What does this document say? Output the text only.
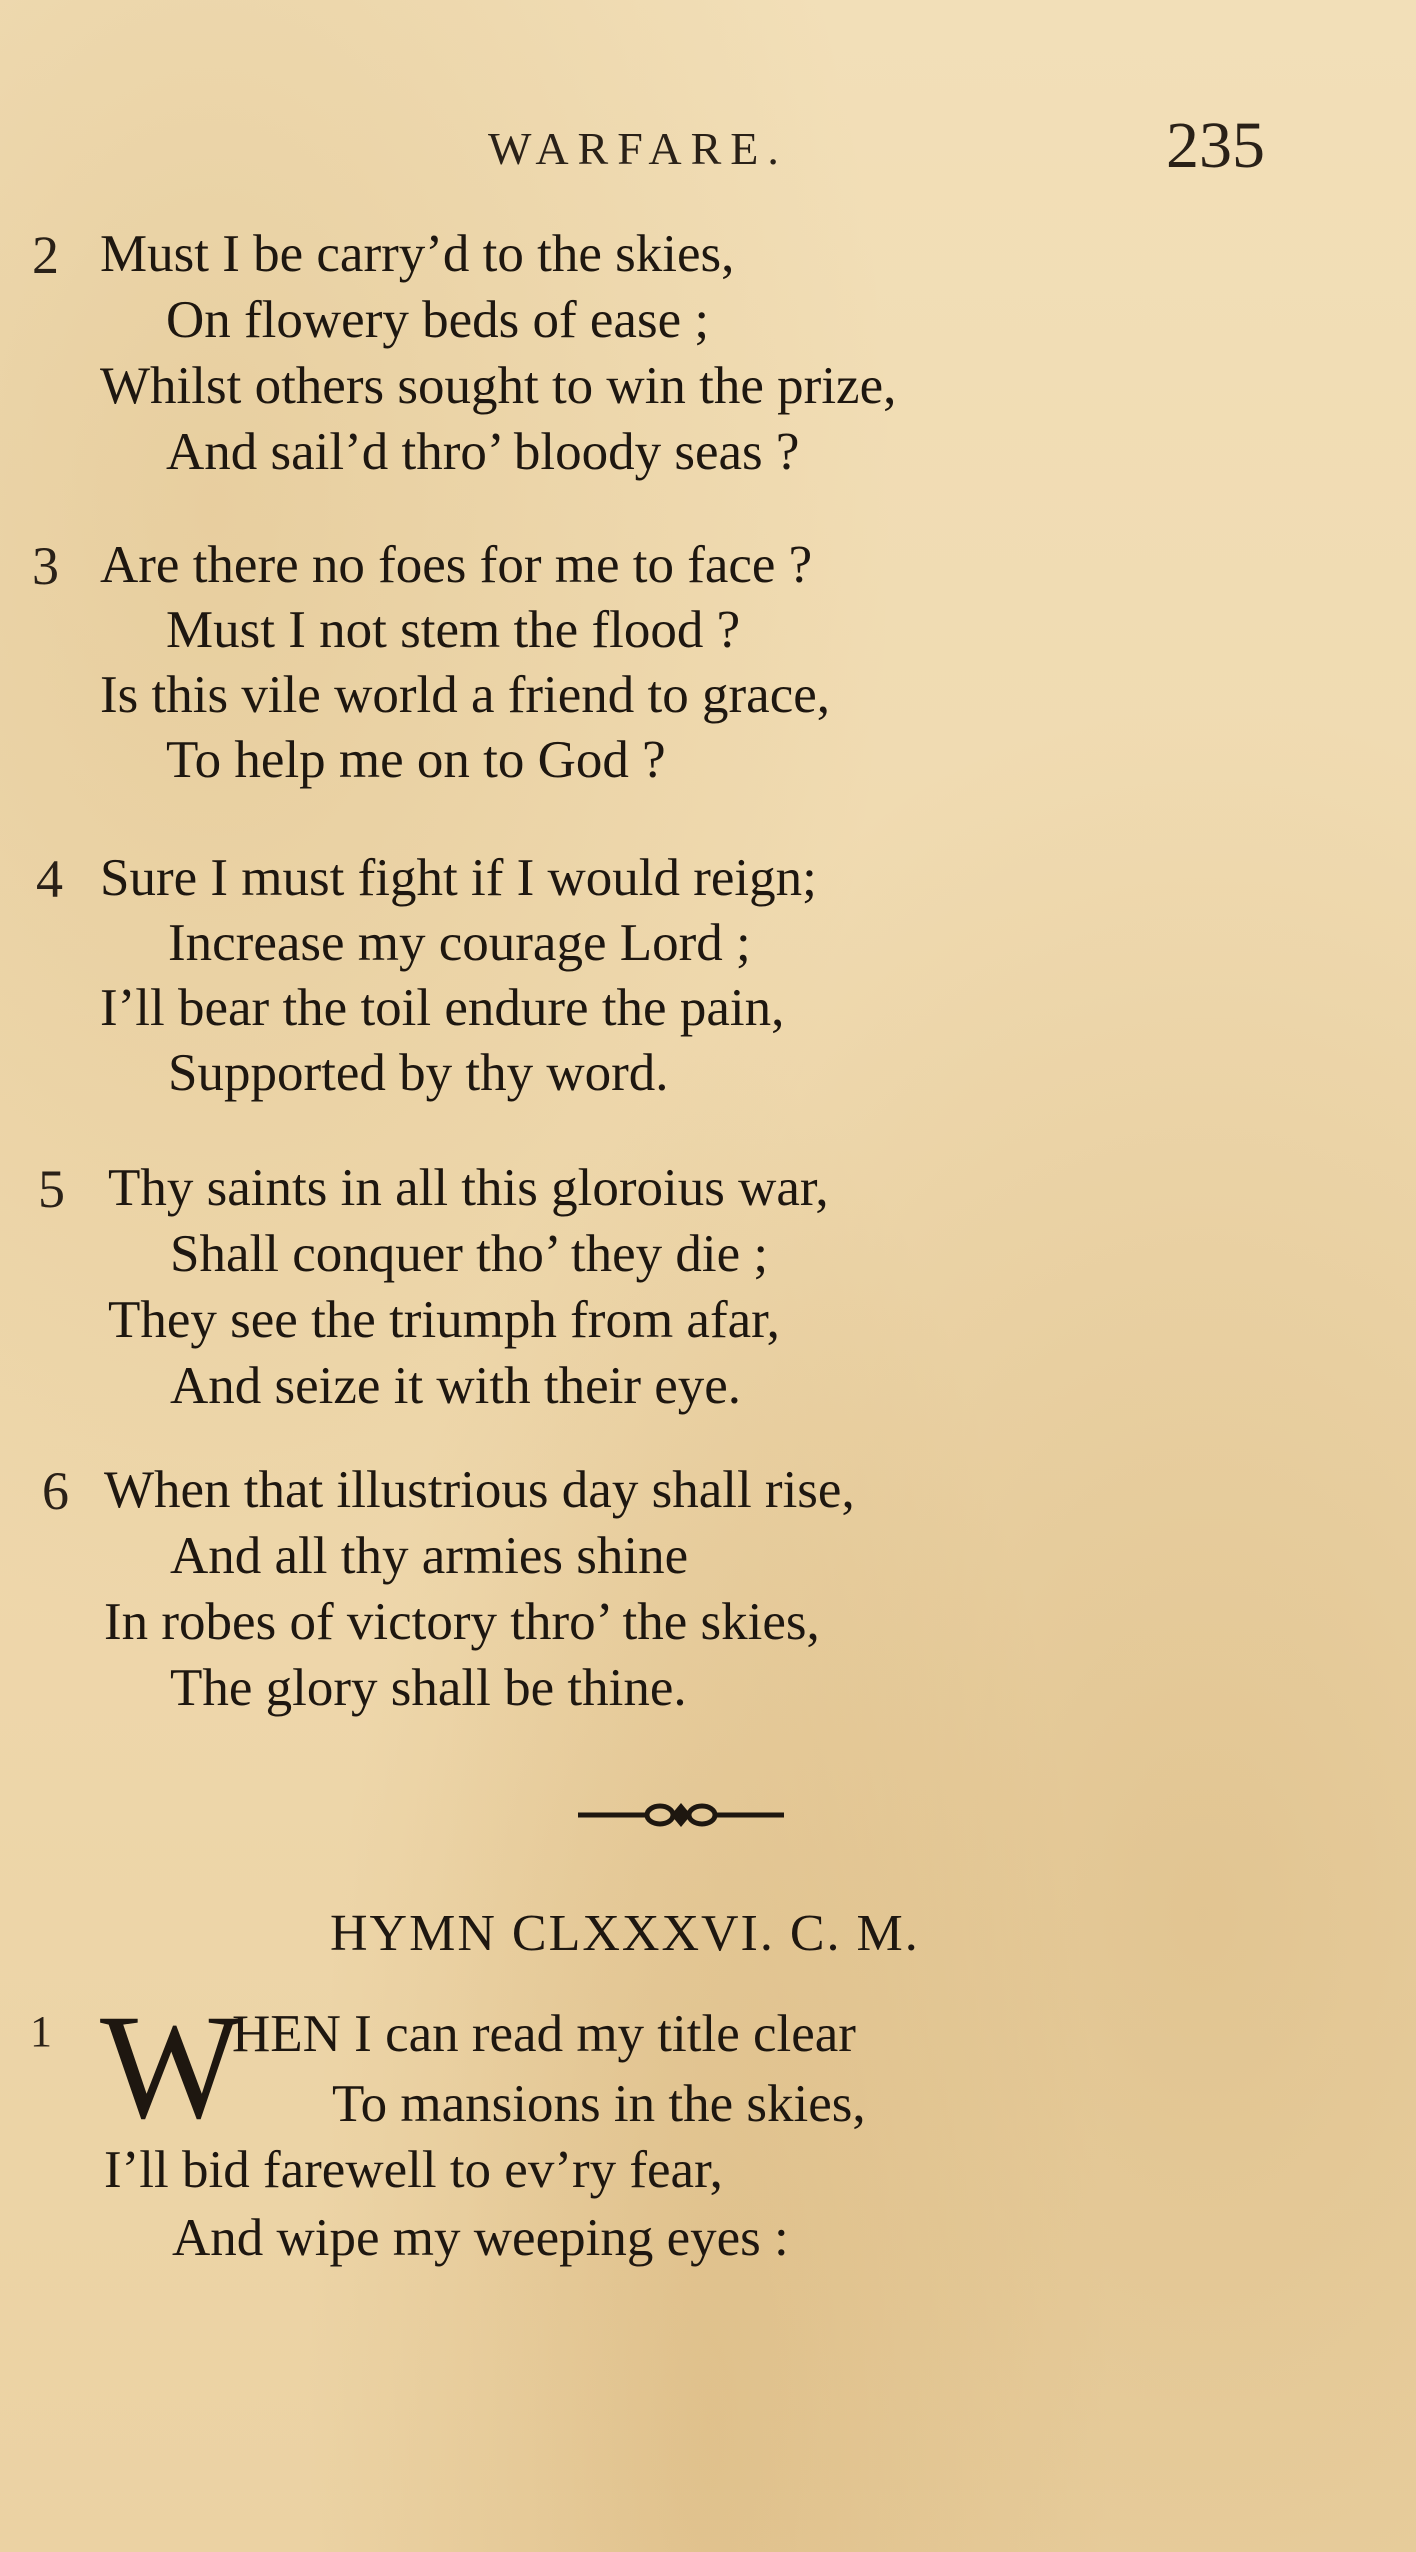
WARFARE.	235
2 Must I be carry’d to the skies,
On flowery beds of ease ;
Whilst others sought to win the prize,
And sail’d thro’ bloody seas ?
3 Are there no foes for me to face ?
Must I not stem the flood ?
Is this vile world a friend to grace,
To help me on to God ?
4 Sure I must fight if I would reign;
Increase my courage Lord ;
I’ll bear the toil endure the pain,
Supported by thy word.
5 Thy saints in all this gloroius war,
Shall conquer tho’ they die ;
They see the triumph from afar,
And seize it with their eye.
6 When that illustrious day shall rise,
And all thy armies shine
In robes of victory thro’ the skies,
The glory shall be thine.
HYMN CLXXXVI. C. M.
1 W
HEN I can read my title clear
To mansions in the skies,
I’ll bid farewell to ev’ry fear,
And wipe my weeping eyes :
